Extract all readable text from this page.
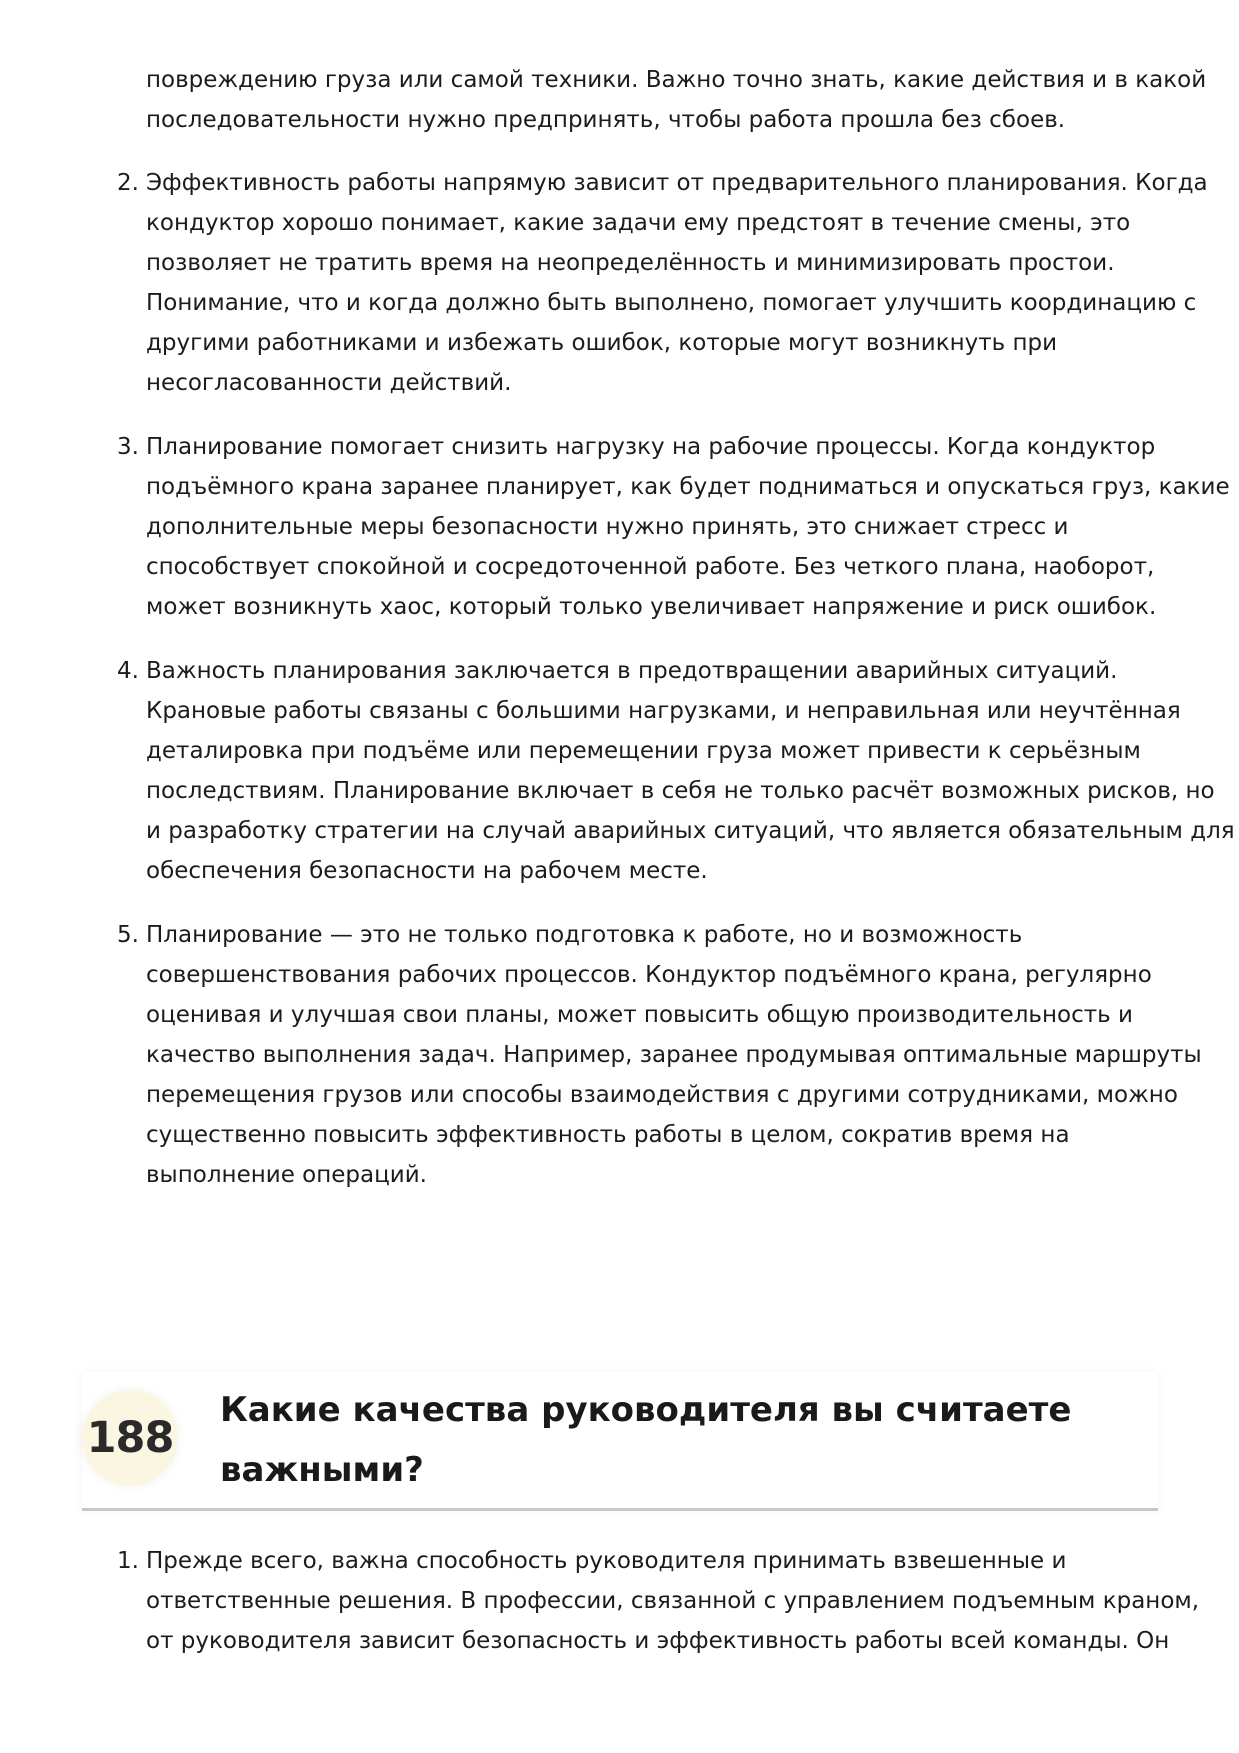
повреждению груза или самой техники. Важно точно знать, какие действия и в какой
последовательности нужно предпринять, чтобы работа прошла без сбоев.

2. Эффективность работы напрямую зависит от предварительного планирования. Когда
кондуктор хорошо понимает, какие задачи ему предстоят в течение смены, это
позволяет не тратить время на неопределённость и минимизировать простои.
Понимание, что и когда должно быть выполнено, помогает улучшить координацию с
другими работниками и избежать ошибок, которые могут возникнуть при
несогласованности действий.

3. Планирование помогает снизить нагрузку на рабочие процессы. Когда кондуктор
подъёмного крана заранее планирует, как будет подниматься и опускаться груз, какие
дополнительные меры безопасности нужно принять, это снижает стресс и
способствует спокойной и сосредоточенной работе. Без четкого плана, наоборот,
может возникнуть хаос, который только увеличивает напряжение и риск ошибок.

4. Важность планирования заключается в предотвращении аварийных ситуаций.
Крановые работы связаны с большими нагрузками, и неправильная или неучтённая
деталировка при подъёме или перемещении груза может привести к серьёзным
последствиям. Планирование включает в себя не только расчёт возможных рисков, но
и разработку стратегии на случай аварийных ситуаций, что является обязательным для
обеспечения безопасности на рабочем месте.

5. Планирование — это не только подготовка к работе, но и возможность
совершенствования рабочих процессов. Кондуктор подъёмного крана, регулярно
оценивая и улучшая свои планы, может повысить общую производительность и
качество выполнения задач. Например, заранее продумывая оптимальные маршруты
перемещения грузов или способы взаимодействия с другими сотрудниками, можно
существенно повысить эффективность работы в целом, сократив время на
выполнение операций.

188
Какие качества руководителя вы считаете
важными?

1. Прежде всего, важна способность руководителя принимать взвешенные и
ответственные решения. В профессии, связанной с управлением подъемным краном,
от руководителя зависит безопасность и эффективность работы всей команды. Он
